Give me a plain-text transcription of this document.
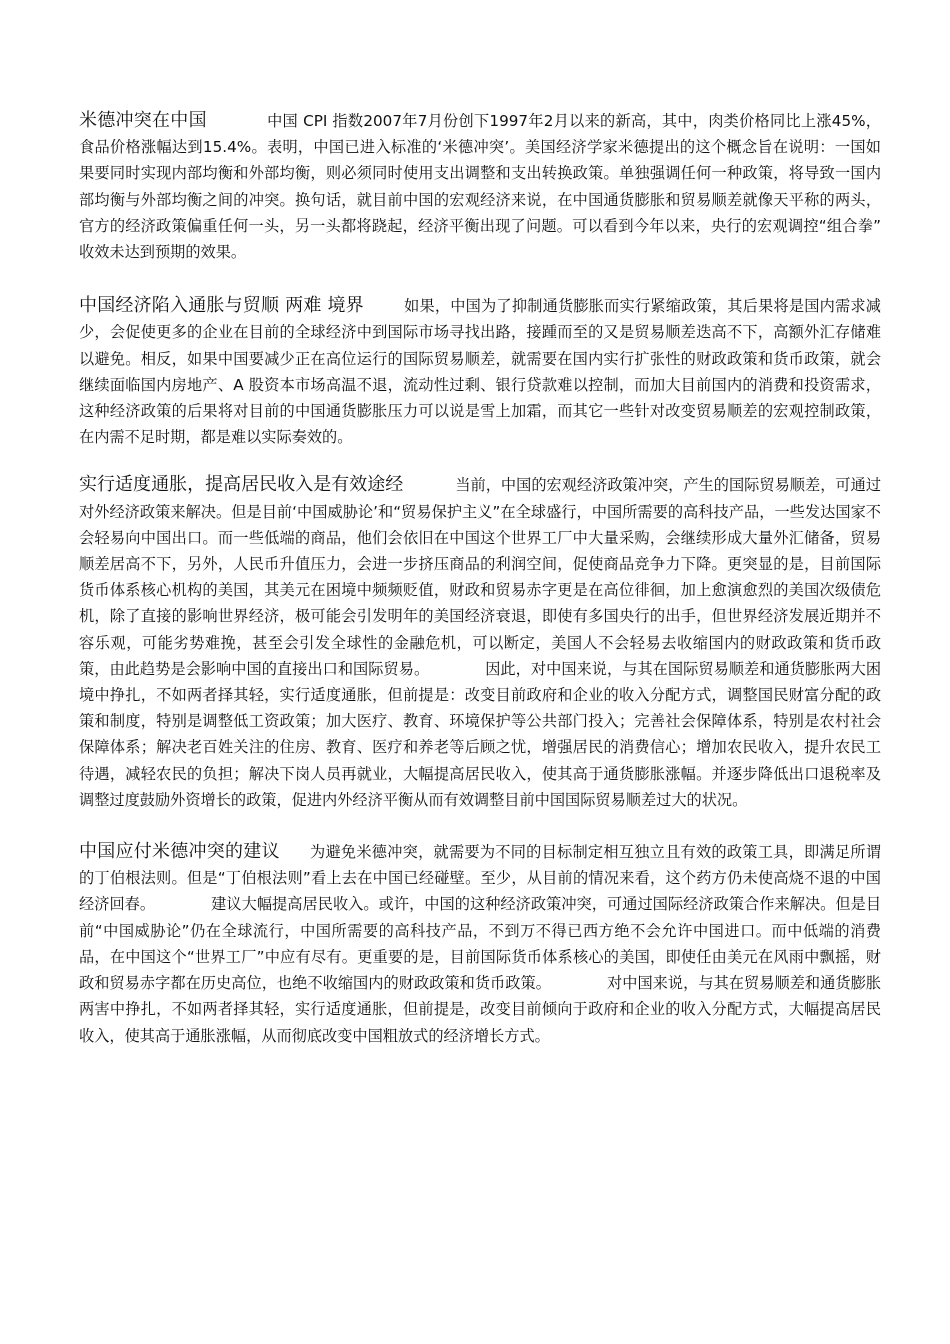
米德冲突在中国	中国 CPI 指数2007年7月份创下1997年2月以来的新高，其中，肉类价格同比上涨45%，食品价格涨幅达到15.4%。表明，中国已进入标准的‘米德冲突’。美国经济学家米德提出的这个概念旨在说明：一国如果要同时实现内部均衡和外部均衡，则必须同时使用支出调整和支出转换政策。单独强调任何一种政策，将导致一国内部均衡与外部均衡之间的冲突。换句话，就目前中国的宏观经济来说，在中国通货膨胀和贸易顺差就像天平称的两头，官方的经济政策偏重任何一头，另一头都将跷起，经济平衡出现了问题。可以看到今年以来，央行的宏观调控“组合拳” 收效未达到预期的效果。

中国经济陷入通胀与贸顺 两难 境界	如果，中国为了抑制通货膨胀而实行紧缩政策，其后果将是国内需求减少，会促使更多的企业在目前的全球经济中到国际市场寻找出路，接踵而至的又是贸易顺差迭高不下，高额外汇存储难以避免。相反，如果中国要减少正在高位运行的国际贸易顺差，就需要在国内实行扩张性的财政政策和货币政策，就会继续面临国内房地产、A 股资本市场高温不退，流动性过剩、银行贷款难以控制，而加大目前国内的消费和投资需求，这种经济政策的后果将对目前的中国通货膨胀压力可以说是雪上加霜，而其它一些针对改变贸易顺差的宏观控制政策，在内需不足时期，都是难以实际奏效的。

实行适度通胀，提高居民收入是有效途经	当前，中国的宏观经济政策冲突，产生的国际贸易顺差，可通过对外经济政策来解决。但是目前‘中国威胁论’和“贸易保护主义”在全球盛行，中国所需要的高科技产品，一些发达国家不会轻易向中国出口。而一些低端的商品，他们会依旧在中国这个世界工厂中大量采购，会继续形成大量外汇储备，贸易顺差居高不下，另外，人民币升值压力，会进一步挤压商品的利润空间，促使商品竞争力下降。更突显的是，目前国际货币体系核心机构的美国，其美元在困境中频频贬值，财政和贸易赤字更是在高位徘徊，加上愈演愈烈的美国次级债危机，除了直接的影响世界经济，极可能会引发明年的美国经济衰退，即使有多国央行的出手，但世界经济发展近期并不容乐观，可能劣势难挽，甚至会引发全球性的金融危机，可以断定，美国人不会轻易去收缩国内的财政政策和货币政策，由此趋势是会影响中国的直接出口和国际贸易。	因此，对中国来说，与其在国际贸易顺差和通货膨胀两大困境中挣扎，不如两者择其轻，实行适度通胀，但前提是：改变目前政府和企业的收入分配方式，调整国民财富分配的政策和制度，特别是调整低工资政策；加大医疗、教育、环境保护等公共部门投入；完善社会保障体系，特别是农村社会保障体系；解决老百姓关注的住房、教育、医疗和养老等后顾之忧，增强居民的消费信心；增加农民收入，提升农民工待遇，减轻农民的负担；解决下岗人员再就业，大幅提高居民收入，使其高于通货膨胀涨幅。并逐步降低出口退税率及调整过度鼓励外资增长的政策，促进内外经济平衡从而有效调整目前中国国际贸易顺差过大的状况。

中国应付米德冲突的建议 为避免米德冲突，就需要为不同的目标制定相互独立且有效的政策工具，即满足所谓的丁伯根法则。但是“丁伯根法则”看上去在中国已经碰壁。至少，从目前的情况来看，这个药方仍未使高烧不退的中国经济回春。	建议大幅提高居民收入。或许，中国的这种经济政策冲突，可通过国际经济政策合作来解决。但是目前“中国威胁论”仍在全球流行，中国所需要的高科技产品，不到万不得已西方绝不会允许中国进口。而中低端的消费品，在中国这个“世界工厂”中应有尽有。更重要的是，目前国际货币体系核心的美国，即使任由美元在风雨中飘摇，财政和贸易赤字都在历史高位，也绝不收缩国内的财政政策和货币政策。	对中国来说，与其在贸易顺差和通货膨胀两害中挣扎，不如两者择其轻，实行适度通胀，但前提是，改变目前倾向于政府和企业的收入分配方式，大幅提高居民收入，使其高于通胀涨幅，从而彻底改变中国粗放式的经济增长方式。
